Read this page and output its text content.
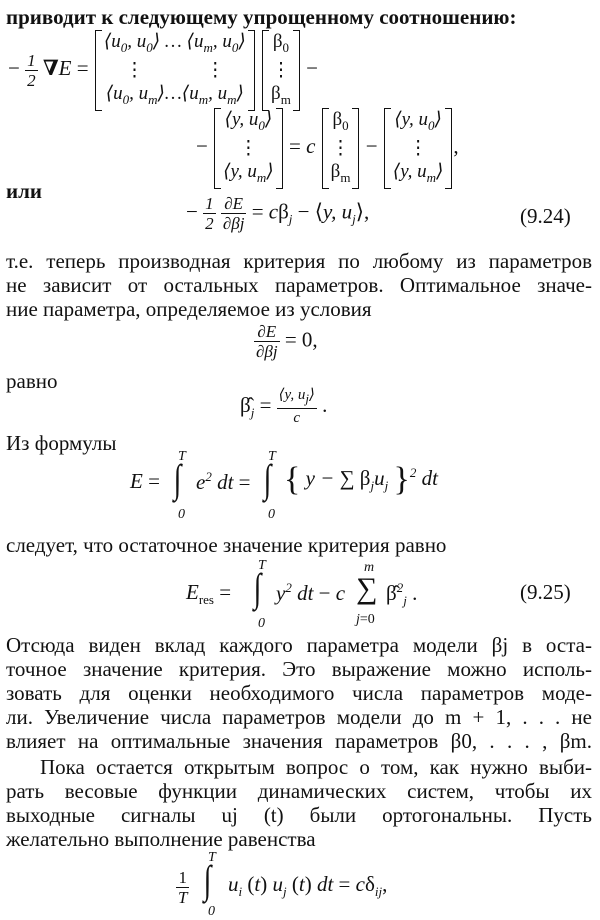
приводит к следующему упрощенному соотношению:
− $\frac{1}{2} \nabla E$ =
$⟨u_0$, $u_0⟩$ … $⟨u_m$, $u_0⟩$
⋮             ⋮
$⟨u_0$, $u_m⟩\dots⟨u_m$, $u_m⟩$

$\beta_0$
⋮
$\beta_m$
−
−
⟨y, $u_0⟩$
⋮
⟨y, $u_m⟩$
= c
$\beta_0$
⋮
$\beta_m$
−
⟨y, $u_0⟩$
⋮
⟨y, $u_m⟩$
,
или
− $\frac{1}{2}$
$\frac{\partial E}{\partial\beta j} = c\beta_j$ − ⟨y, $u_j⟩$,	(9.24)
т.е. теперь производная критерия по любому из параметров
не зависит от остальных параметров. Оптимальное значе-
ние параметра, определяемое из условия
$\frac{\partial E}{\partial\beta j} = 0$,
равно
$\betâ_j = \frac{⟨y, u_j⟩}{c}$ .
Из формулы
E = ∫
T
0
$e^2$ dt = ∫
T
0
{ y − ∑ $\beta_ju_j$ }$^2$ dt
следует, что остаточное значение критерия равно
$E_{res}$ = ∫
T
0
$y^2$ dt − c ∑
m
j=0
β̂$^2_j$ .	(9.25)
Отсюда виден вклад каждого параметра модели βj в оста-
точное значение критерия. Это выражение можно исполь-
зовать для оценки необходимого числа параметров моде-
ли. Увеличение числа параметров модели до m + 1, . . . не
влияет на оптимальные значения параметров β0, . . . , βm.
Пока остается открытым вопрос о том, как нужно выби-
рать весовые функции динамических систем, чтобы их
выходные сигналы uj (t) были ортогональны. Пусть
желательно выполнение равенства
$\frac{1}{T}$ ∫
T
0
$u_i$ (t) $u_j$ (t) dt = $c\delta_{ij}$,
